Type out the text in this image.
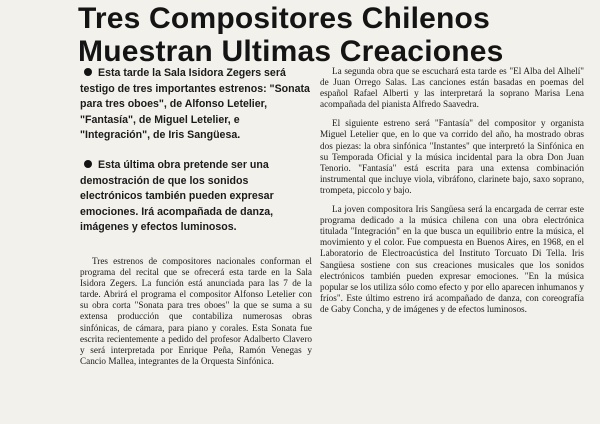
Tres Compositores Chilenos
Muestran Ultimas Creaciones

Esta tarde la Sala Isidora Zegers será testigo de tres importantes estrenos: "Sonata para tres oboes", de Alfonso Letelier, "Fantasía", de Miguel Letelier, e "Integración", de Iris Sangüesa.

Esta última obra pretende ser una demostración de que los sonidos electrónicos también pueden expresar emociones. Irá acompañada de danza, imágenes y efectos luminosos.

Tres estrenos de compositores nacionales conforman el programa del recital que se ofrecerá esta tarde en la Sala Isidora Zegers. La función está anunciada para las 7 de la tarde. Abrirá el programa el compositor Alfonso Letelier con su obra corta "Sonata para tres oboes" la que se suma a su extensa producción que contabiliza numerosas obras sinfónicas, de cámara, para piano y corales. Esta Sonata fue escrita recientemente a pedido del profesor Adalberto Clavero y será interpretada por Enrique Peña, Ramón Venegas y Cancio Mallea, integrantes de la Orquesta Sinfónica.

La segunda obra que se escuchará esta tarde es "El Alba del Alhelí" de Juan Orrego Salas. Las canciones están basadas en poemas del español Rafael Alberti y las interpretará la soprano Marisa Lena acompañada del pianista Alfredo Saavedra.

El siguiente estreno será "Fantasía" del compositor y organista Miguel Letelier que, en lo que va corrido del año, ha mostrado obras dos piezas: la obra sinfónica "Instantes" que interpretó la Sinfónica en su Temporada Oficial y la música incidental para la obra Don Juan Tenorio. "Fantasía" está escrita para una extensa combinación instrumental que incluye viola, vibráfono, clarinete bajo, saxo soprano, trompeta, piccolo y bajo.

La joven compositora Iris Sangüesa será la encargada de cerrar este programa dedicado a la música chilena con una obra electrónica titulada "Integración" en la que busca un equilibrio entre la música, el movimiento y el color. Fue compuesta en Buenos Aires, en 1968, en el Laboratorio de Electroacústica del Instituto Torcuato Di Tella. Iris Sangüesa sostiene con sus creaciones musicales que los sonidos electrónicos también pueden expresar emociones. "En la música popular se los utiliza sólo como efecto y por ello aparecen inhumanos y fríos". Este último estreno irá acompañado de danza, con coreografía de Gaby Concha, y de imágenes y de efectos luminosos.
